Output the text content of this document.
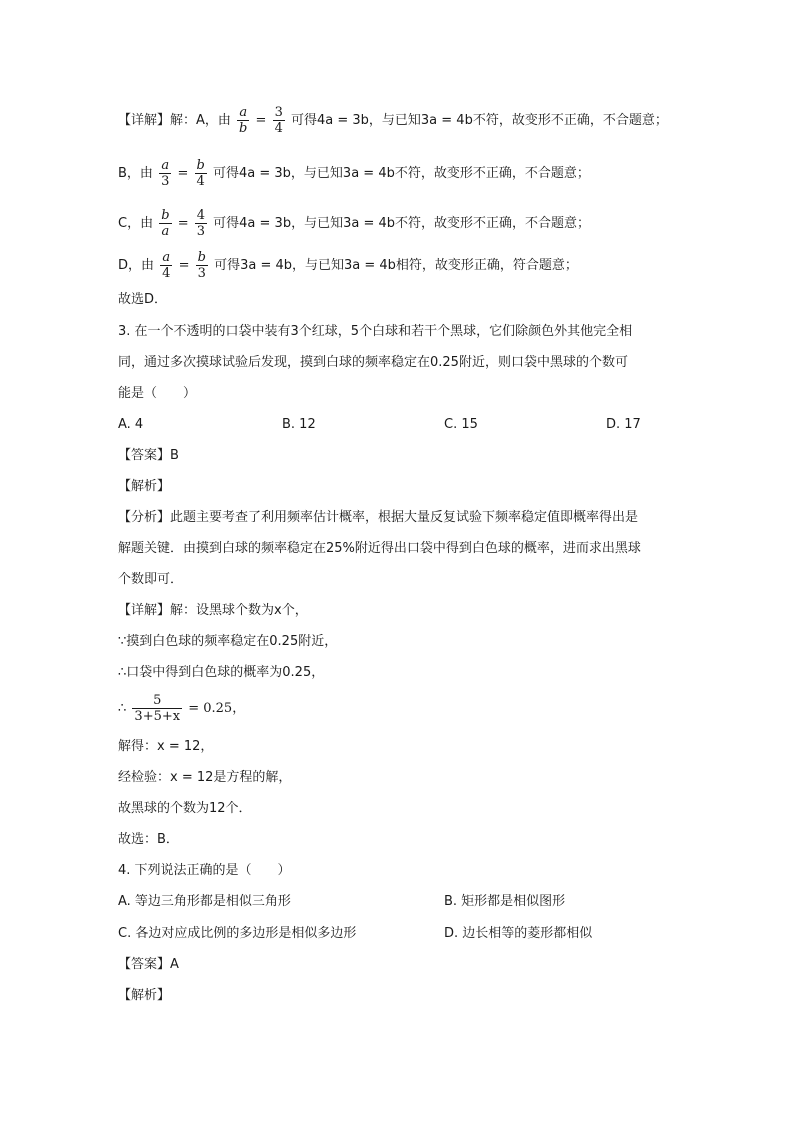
【详解】解：A，由 $\frac{a}{b} = \frac{3}{4}$ 可得4a = 3b，与已知3a = 4b不符，故变形不正确，不合题意；
B，由 $\frac{a}{3} = \frac{b}{4}$ 可得4a = 3b，与已知3a = 4b不符，故变形不正确，不合题意；
C，由 $\frac{b}{a} = \frac{4}{3}$ 可得4a = 3b，与已知3a = 4b不符，故变形不正确，不合题意；
D，由 $\frac{a}{4} = \frac{b}{3}$ 可得3a = 4b，与已知3a = 4b相符，故变形正确，符合题意；
故选D．
3. 在一个不透明的口袋中装有3个红球，5个白球和若干个黑球，它们除颜色外其他完全相
同，通过多次摸球试验后发现，摸到白球的频率稳定在0.25附近，则口袋中黑球的个数可
能是（　　）
A. 4	B. 12	C. 15	D. 17
【答案】B
【解析】
【分析】此题主要考查了利用频率估计概率，根据大量反复试验下频率稳定值即概率得出是
解题关键．由摸到白球的频率稳定在25%附近得出口袋中得到白色球的概率，进而求出黑球
个数即可．
【详解】解：设黑球个数为x个，
∵摸到白色球的频率稳定在0.25附近，
∴口袋中得到白色球的概率为0.25，
∴ $\frac{5}{3+5+x} = 0.25$，
解得：x = 12，
经检验：x = 12是方程的解，
故黑球的个数为12个．
故选：B．
4. 下列说法正确的是（　　）
A. 等边三角形都是相似三角形	B. 矩形都是相似图形
C. 各边对应成比例的多边形是相似多边形	D. 边长相等的菱形都相似
【答案】A
【解析】
